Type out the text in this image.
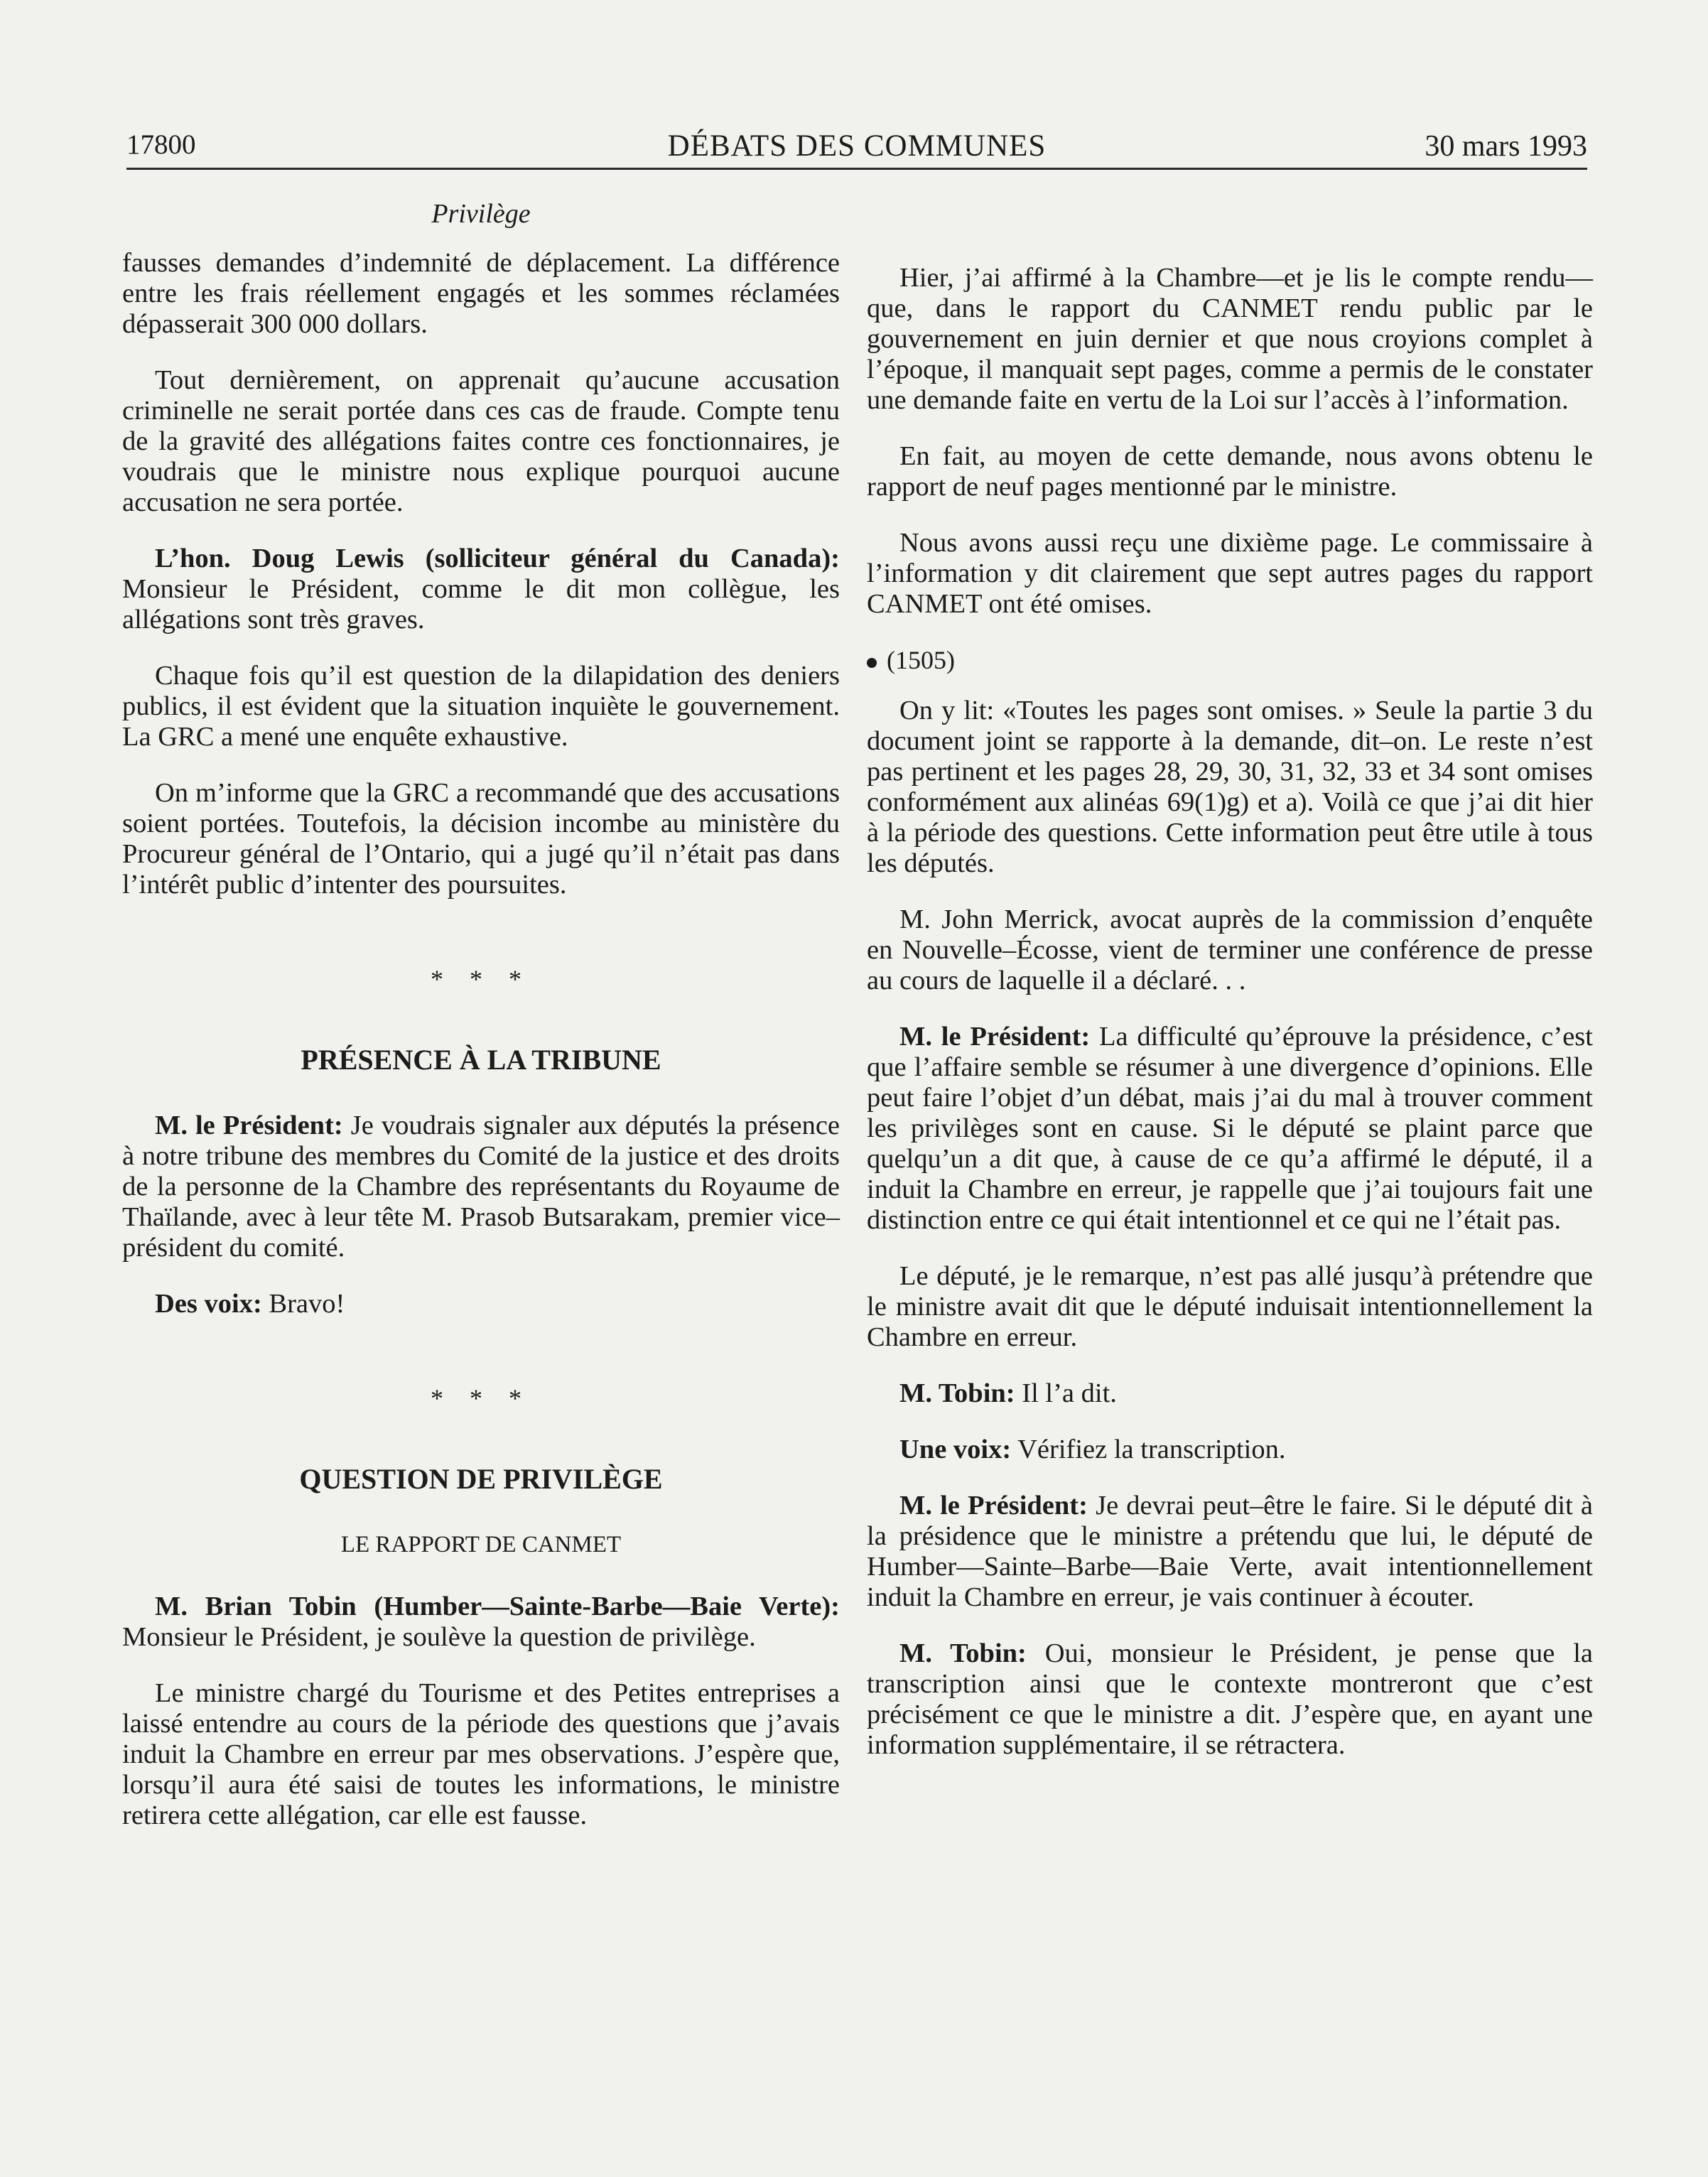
17800	DÉBATS DES COMMUNES	30 mars 1993
Privilège

fausses demandes d’indemnité de déplacement. La différence entre les frais réellement engagés et les sommes réclamées dépasserait 300 000 dollars.

Tout dernièrement, on apprenait qu’aucune accusation criminelle ne serait portée dans ces cas de fraude. Compte tenu de la gravité des allégations faites contre ces fonctionnaires, je voudrais que le ministre nous explique pourquoi aucune accusation ne sera portée.

L’hon. Doug Lewis (solliciteur général du Canada): Monsieur le Président, comme le dit mon collègue, les allégations sont très graves.

Chaque fois qu’il est question de la dilapidation des deniers publics, il est évident que la situation inquiète le gouvernement. La GRC a mené une enquête exhaustive.

On m’informe que la GRC a recommandé que des accusations soient portées. Toutefois, la décision incombe au ministère du Procureur général de l’Ontario, qui a jugé qu’il n’était pas dans l’intérêt public d’intenter des poursuites.

* * *
PRÉSENCE À LA TRIBUNE

M. le Président: Je voudrais signaler aux députés la présence à notre tribune des membres du Comité de la justice et des droits de la personne de la Chambre des représentants du Royaume de Thaïlande, avec à leur tête M. Prasob Butsarakam, premier vice–président du comité.

Des voix: Bravo!

* * *
QUESTION DE PRIVILÈGE
LE RAPPORT DE CANMET

M. Brian Tobin (Humber—Sainte-Barbe—Baie Verte): Monsieur le Président, je soulève la question de privilège.

Le ministre chargé du Tourisme et des Petites entreprises a laissé entendre au cours de la période des questions que j’avais induit la Chambre en erreur par mes observations. J’espère que, lorsqu’il aura été saisi de toutes les informations, le ministre retirera cette allégation, car elle est fausse.

Hier, j’ai affirmé à la Chambre—et je lis le compte rendu—que, dans le rapport du CANMET rendu public par le gouvernement en juin dernier et que nous croyions complet à l’époque, il manquait sept pages, comme a permis de le constater une demande faite en vertu de la Loi sur l’accès à l’information.

En fait, au moyen de cette demande, nous avons obtenu le rapport de neuf pages mentionné par le ministre.

Nous avons aussi reçu une dixième page. Le commissaire à l’information y dit clairement que sept autres pages du rapport CANMET ont été omises.

(1505)

On y lit: «Toutes les pages sont omises. » Seule la partie 3 du document joint se rapporte à la demande, dit–on. Le reste n’est pas pertinent et les pages 28, 29, 30, 31, 32, 33 et 34 sont omises conformément aux alinéas 69(1)g) et a). Voilà ce que j’ai dit hier à la période des questions. Cette information peut être utile à tous les députés.

M. John Merrick, avocat auprès de la commission d’enquête en Nouvelle–Écosse, vient de terminer une conférence de presse au cours de laquelle il a déclaré. . .

M. le Président: La difficulté qu’éprouve la présidence, c’est que l’affaire semble se résumer à une divergence d’opinions. Elle peut faire l’objet d’un débat, mais j’ai du mal à trouver comment les privilèges sont en cause. Si le député se plaint parce que quelqu’un a dit que, à cause de ce qu’a affirmé le député, il a induit la Chambre en erreur, je rappelle que j’ai toujours fait une distinction entre ce qui était intentionnel et ce qui ne l’était pas.

Le député, je le remarque, n’est pas allé jusqu’à prétendre que le ministre avait dit que le député induisait intentionnellement la Chambre en erreur.

M. Tobin: Il l’a dit.

Une voix: Vérifiez la transcription.

M. le Président: Je devrai peut–être le faire. Si le député dit à la présidence que le ministre a prétendu que lui, le député de Humber—Sainte–Barbe—Baie Verte, avait intentionnellement induit la Chambre en erreur, je vais continuer à écouter.

M. Tobin: Oui, monsieur le Président, je pense que la transcription ainsi que le contexte montreront que c’est précisément ce que le ministre a dit. J’espère que, en ayant une information supplémentaire, il se rétractera.
